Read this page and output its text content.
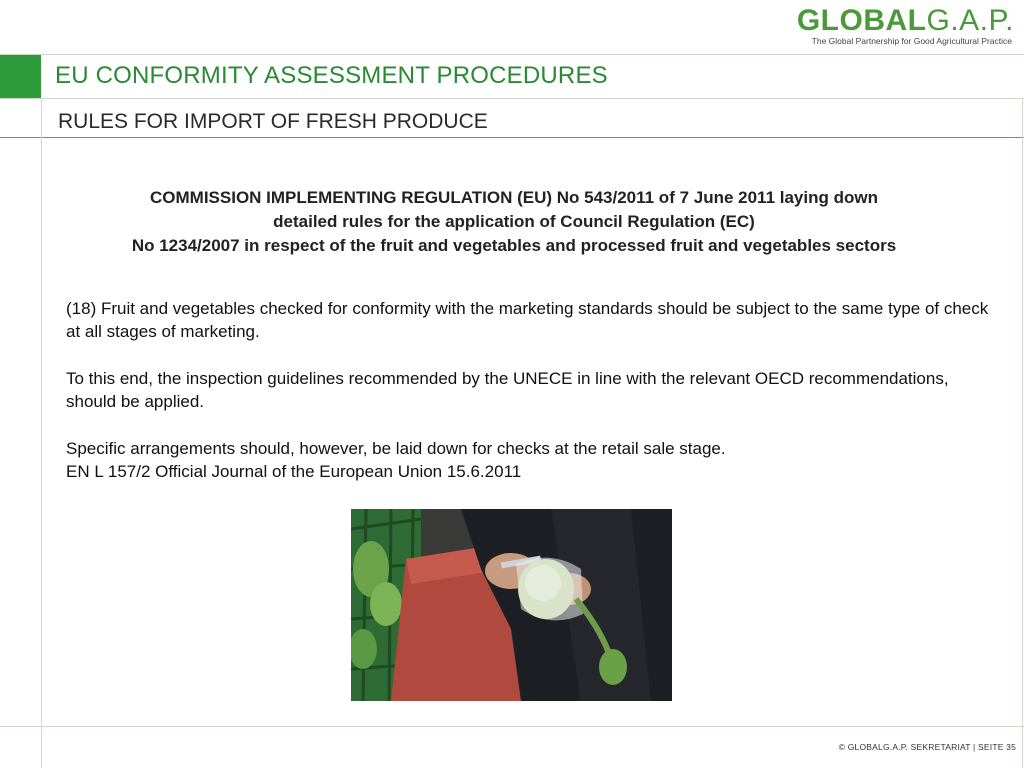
GLOBALG.A.P.
The Global Partnership for Good Agricultural Practice
EU CONFORMITY ASSESSMENT PROCEDURES
RULES FOR IMPORT OF FRESH PRODUCE
COMMISSION IMPLEMENTING REGULATION (EU) No 543/2011 of 7 June 2011 laying down
detailed rules for the application of Council Regulation (EC)
No 1234/2007 in respect of the fruit and vegetables and processed fruit and vegetables sectors

(18) Fruit and vegetables checked for conformity with the marketing standards should be subject to the same type of check at all stages of marketing.

To this end, the inspection guidelines recommended by the UNECE in line with the relevant OECD recommendations, should be applied.

Specific arrangements should, however, be laid down for checks at the retail sale stage.

EN L 157/2 Official Journal of the European Union 15.6.2011

© GLOBALG.A.P. SEKRETARIAT | SEITE 35
